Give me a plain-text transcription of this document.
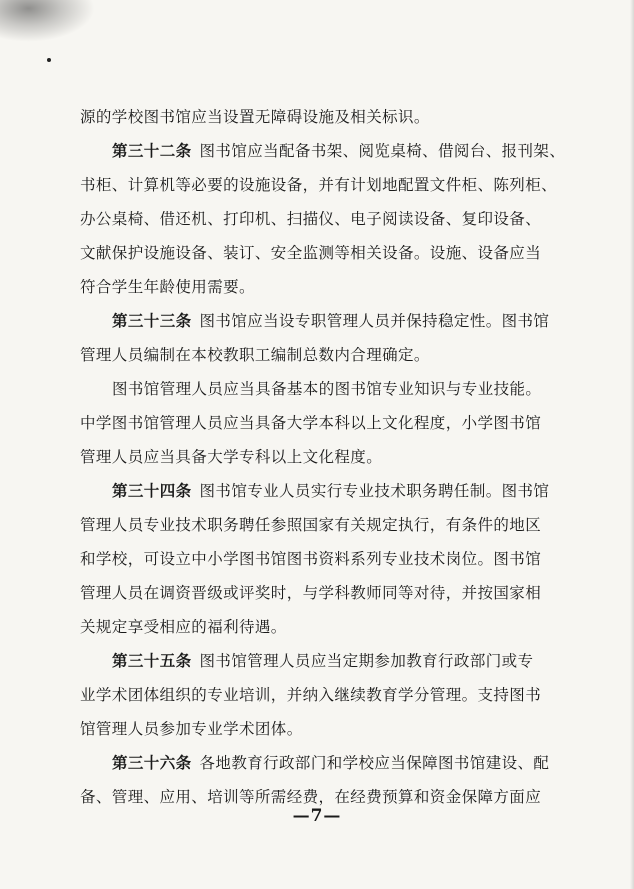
源的学校图书馆应当设置无障碍设施及相关标识。
第三十二条 图书馆应当配备书架、阅览桌椅、借阅台、报刊架、
书柜、计算机等必要的设施设备，并有计划地配置文件柜、陈列柜、
办公桌椅、借还机、打印机、扫描仪、电子阅读设备、复印设备、
文献保护设施设备、装订、安全监测等相关设备。设施、设备应当
符合学生年龄使用需要。
第三十三条 图书馆应当设专职管理人员并保持稳定性。图书馆
管理人员编制在本校教职工编制总数内合理确定。
图书馆管理人员应当具备基本的图书馆专业知识与专业技能。
中学图书馆管理人员应当具备大学本科以上文化程度，小学图书馆
管理人员应当具备大学专科以上文化程度。
第三十四条 图书馆专业人员实行专业技术职务聘任制。图书馆
管理人员专业技术职务聘任参照国家有关规定执行，有条件的地区
和学校，可设立中小学图书馆图书资料系列专业技术岗位。图书馆
管理人员在调资晋级或评奖时，与学科教师同等对待，并按国家相
关规定享受相应的福利待遇。
第三十五条 图书馆管理人员应当定期参加教育行政部门或专
业学术团体组织的专业培训，并纳入继续教育学分管理。支持图书
馆管理人员参加专业学术团体。
第三十六条 各地教育行政部门和学校应当保障图书馆建设、配
备、管理、应用、培训等所需经费，在经费预算和资金保障方面应
—7—
